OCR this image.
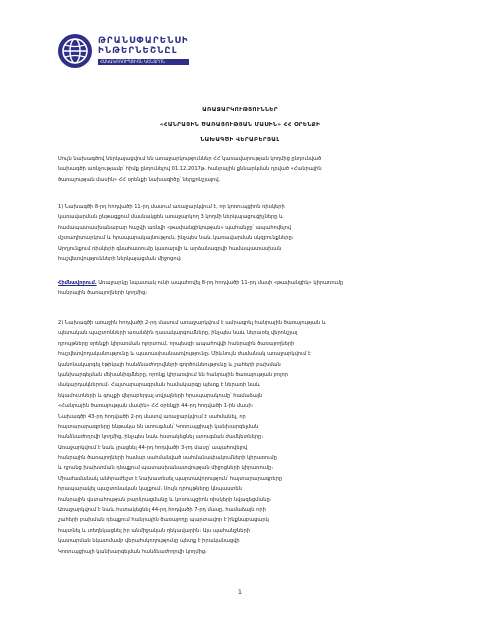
ԹՐԱՆՍՓԱՐԵՆՍԻ
ԻՆԹԵՐՆԵՇՆԸԼ
ՀԱԿԱԿՈՌՈՒՊՑԻՈՆ ԿԵՆՏՐՈՆ
ԱՌԱՋԱՐԿՈՒԹՅՈՒՆՆԵՐ
«ՀԱՆՐԱՅԻՆ ԾԱՌԱՅՈՒԹՅԱՆ ՄԱՍԻՆ» ՀՀ ՕՐԵՆՔԻ
ՆԱԽԱԳԾԻ ՎԵՐԱԲԵՐՅԱԼ
Սույն նախագծով ներկայացվում են առաջարկություններ ՀՀ կառավարության կողմից ընդունված
նախագծի առնչությամբ՝ հիմք ընդունելով 01.12.2017թ. հանրային քննարկման դրված «Հանրային
ծառայության մասին» ՀՀ օրենքի նախագիծը՝ ներքոնշյալով.
1) Նախագծի 8-րդ հոդվածի 11-րդ մասում առաջարկվում է, որ կոռուպցիոն ռիսկերի
կառավարման ընթացքում մասնակցեն առաջարկող 3 կողմի ներկայացուցիչները և
համապատասխանաբար հաշվի առնվի «թափանցիկության» պահանջը՝ ապահովելով
մշտադիտարկում և հրապարակայնություն, ինչպես նաև կառավարման սկզբունքները։
Արդյունքում ռիսկերի գնահատումը կատարվի և արձանագրվի համապատասխան
հաշվետվությունների ներկայացման միջոցով։
Հիմնավորում. Առաջարկը նպատակ ունի ապահովել 8-րդ հոդվածի 11-րդ մասի «թափանցիկ» կիրառումը
հանրային ծառայողների կողմից։
2) Նախագծի առաջին հոդվածի 2-րդ մասում առաջարկվում է ամրագրել հանրային ծառայության և
պետական պաշտոնների առանձին դասակարգումները, ինչպես նաև ներառել վերոնշյալ
դրույթները օրենքի կիրառման ոլորտում, որպեսզի ապահովվի հանրային ծառայողների
հաշվետվողականությունը և պատասխանատվությունը։ Միևնույն ժամանակ առաջարկվում է
կանոնակարգել էթիկայի հանձնաժողովների գործունեությունը և շահերի բախման
կանխարգելման մեխանիզմները, որոնք կիրառվում են հանրային ծառայության բոլոր
մակարդակներում։ Հայտարարագրման համակարգը պետք է ներառի նաև
եկամուտների և գույքի վերաբերյալ տվյալների հրապարակումը՝ համաձայն
«Հանրային ծառայության մասին» ՀՀ օրենքի 44-րդ հոդվածի 1-ին մասի։
Նախագծի 43-րդ հոդվածի 2-րդ մասով առաջարկվում է սահմանել, որ
հայտարարագրերը ենթակա են ստուգման՝ Կոռուպցիայի կանխարգելման
հանձնաժողովի կողմից, ինչպես նաև հստակեցնել ստուգման ժամկետները։
Առաջարկվում է նաև լրացնել 44-րդ հոդվածի 3-րդ մասը՝ ապահովելով
հանրային ծառայողների համար սահմանված սահմանափակումների կիրառումը
և դրանց խախտման դեպքում պատասխանատվության միջոցների կիրառումը։
Միաժամանակ անհրաժեշտ է նախատեսել պարտավորություն՝ հայտարարագրերը
հրապարակել պաշտոնական կայքում։ Սույն դրույթները կնպաստեն
հանրային վստահության բարձրացմանը և կոռուպցիոն ռիսկերի նվազեցմանը։
Առաջարկվում է նաև հստակեցնել 44-րդ հոդվածի 7-րդ մասը, համաձայն որի
շահերի բախման դեպքում հանրային ծառայողը պարտավոր է ինքնաբացարկ
հայտնել և տեղեկացնել իր անմիջական ղեկավարին։ Այս պահանջների
կատարման նկատմամբ վերահսկողությունը պետք է իրականացվի
Կոռուպցիայի կանխարգելման հանձնաժողովի կողմից։
1
